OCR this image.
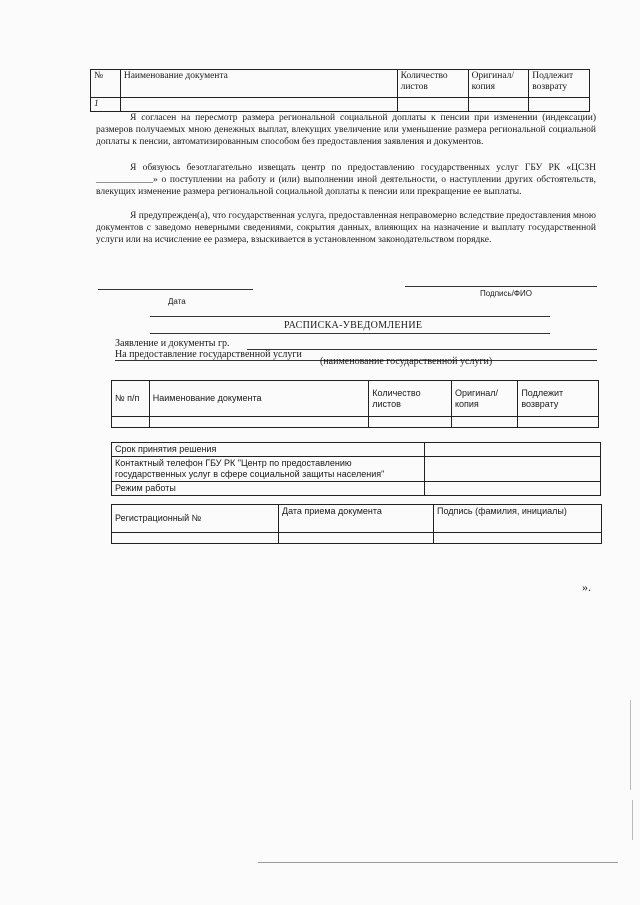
№	Наименование документа	Количество листов	Оригинал/копия	Подлежит возврату
1				

Я согласен на пересмотр размера региональной социальной доплаты к пенсии при изменении (индексации) размеров получаемых мною денежных выплат, влекущих увеличение или уменьшение размера региональной социальной доплаты к пенсии, автоматизированным способом без предоставления заявления и документов.

Я обязуюсь безотлагательно извещать центр по предоставлению государственных услуг ГБУ РК «ЦСЗН ____________» о поступлении на работу и (или) выполнении иной деятельности, о наступлении других обстоятельств, влекущих изменение размера региональной социальной доплаты к пенсии или прекращение ее выплаты.

Я предупрежден(а), что государственная услуга, предоставленная неправомерно вследствие предоставления мною документов с заведомо неверными сведениями, сокрытия данных, влияющих на назначение и выплату государственной услуги или на исчисление ее размера, взыскивается в установленном законодательством порядке.

Подпись/ФИО
Дата
РАСПИСКА-УВЕДОМЛЕНИЕ
Заявление и документы гр.
На предоставление государственной услуги
(наименование государственной услуги)
№ п/п	Наименование документа	Количество листов	Оригинал/копия	Подлежит возврату

Срок принятия решения	
Контактный телефон ГБУ РК "Центр по предоставлению государственных услуг в сфере социальной защиты населения"	
Режим работы	
Регистрационный №	Дата приема документа	Подпись (фамилия, инициалы)

».
